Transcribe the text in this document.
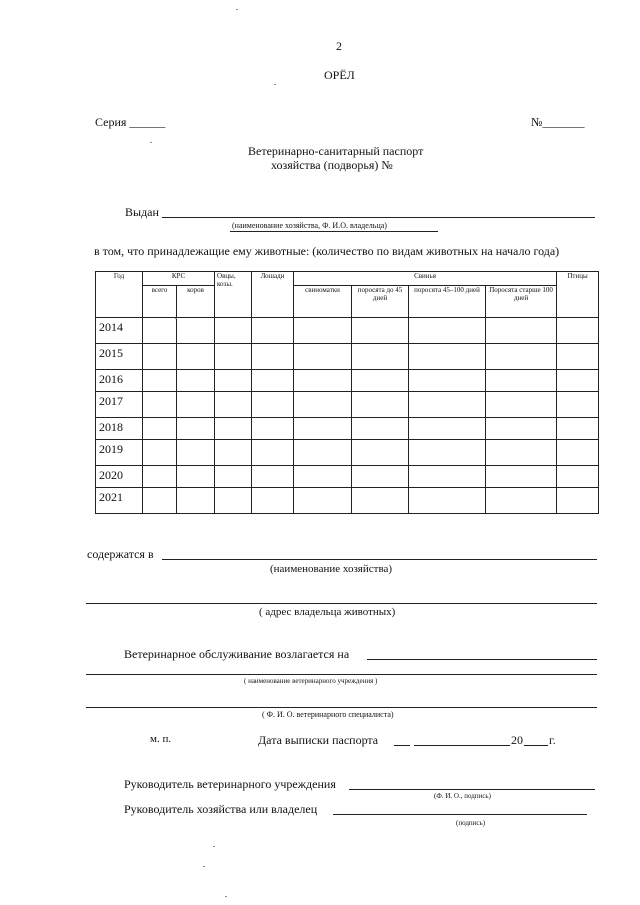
2
ОРЁЛ
Серия ______	№_______
Ветеринарно-санитарный паспорт
хозяйства (подворья) №
Выдан
(наименование хозяйства, Ф. И.О. владельца)
в том, что принадлежащие ему животные: (количество по видам животных на начало года)
Год	КРС		Овцы, козы.	Лошади	Свинья				Птицы
	всего	коров			свиноматки	поросята до 45 дней	поросята 45–100 дней	Поросята старше 100 дней	
2014									
2015									
2016									
2017									
2018									
2019									
2020									
2021									
содержатся в
(наименование хозяйства)
( адрес владельца животных)
Ветеринарное обслуживание возлагается на
( наименование ветеринарного учреждения )
( Ф. И. О. ветеринарного специалиста)
м. п.	Дата выписки паспорта	20 г.
Руководитель ветеринарного учреждения
(Ф. И. О., подпись)
Руководитель хозяйства или владелец
(подпись)
